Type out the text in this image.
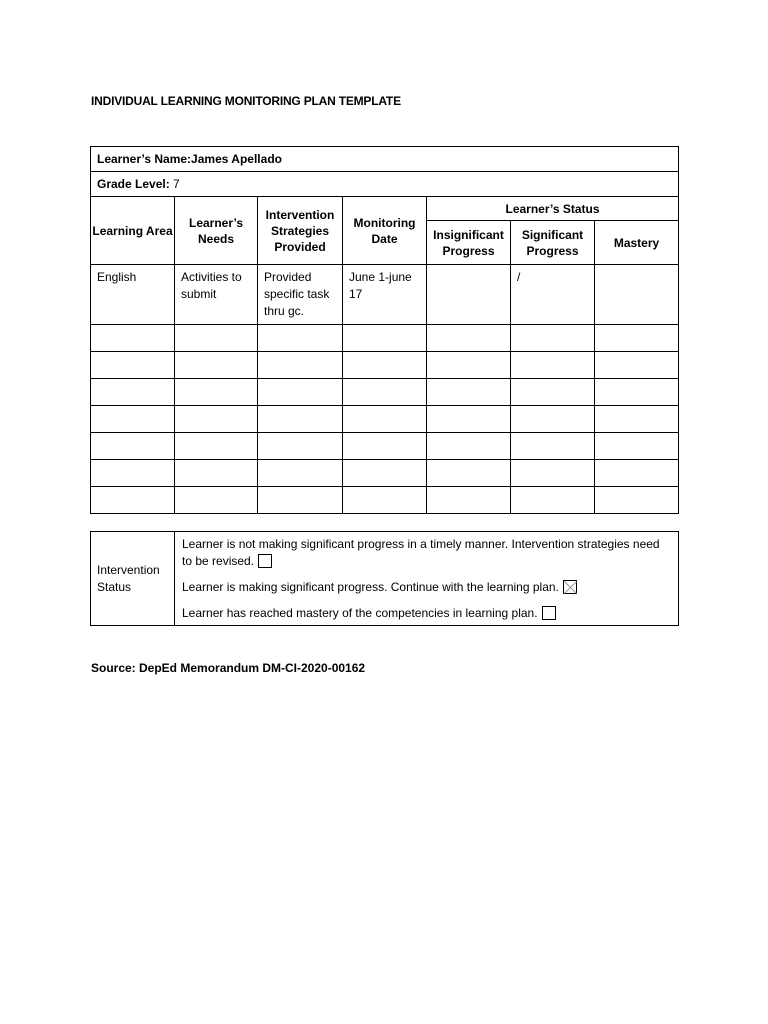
INDIVIDUAL LEARNING MONITORING PLAN TEMPLATE
Learner’s Name:James Apellado						
Grade Level: 7						
Learning Area	Learner’s Needs	Intervention Strategies Provided	Monitoring Date	Learner’s Status		
				Insignificant Progress	Significant Progress	Mastery
English	Activities to submit	Provided specific task thru gc.	June 1-june 17		/	

Intervention Status	
Learner is not making significant progress in a timely manner. Intervention strategies need to be revised.
Learner is making significant progress. Continue with the learning plan.
Learner has reached mastery of the competencies in learning plan.
Source: DepEd Memorandum DM-CI-2020-00162
